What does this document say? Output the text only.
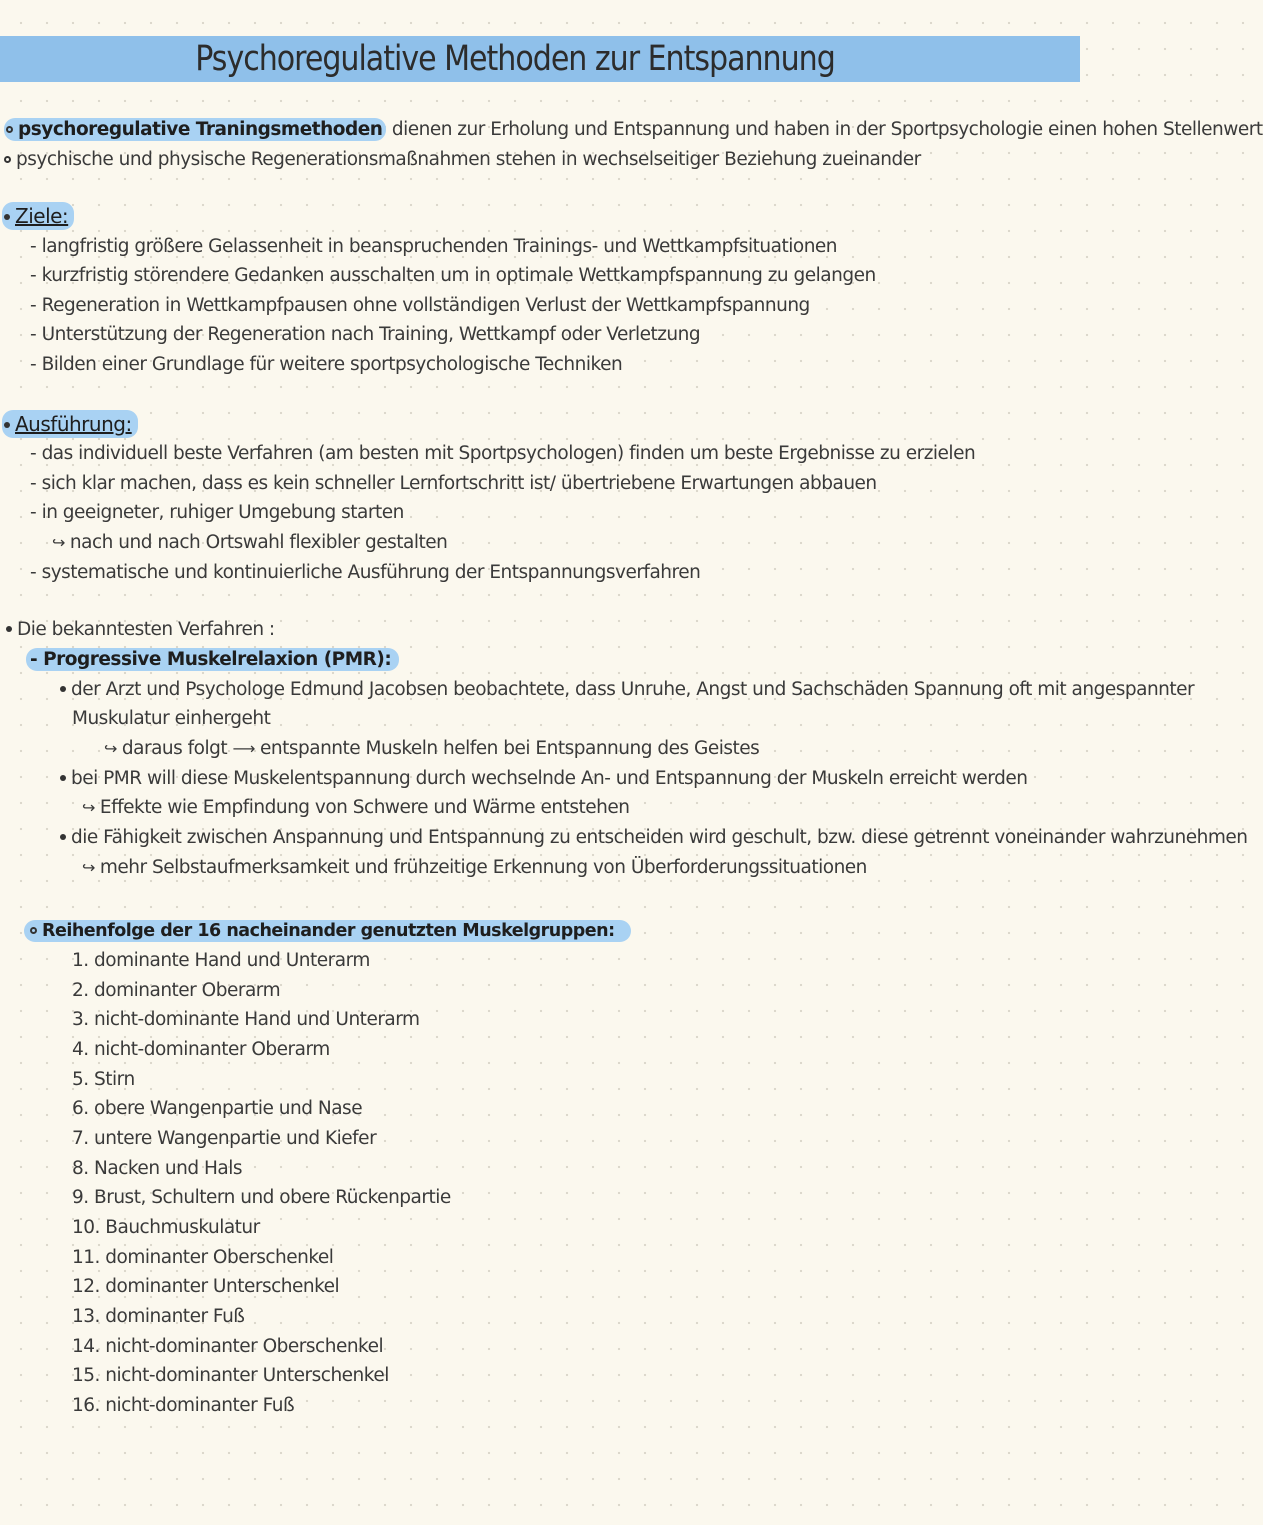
Psychoregulative Methoden zur Entspannung
psychoregulative Traningsmethoden dienen zur Erholung und Entspannung und haben in der Sportpsychologie einen hohen Stellenwert
psychische und physische Regenerationsmaßnahmen stehen in wechselseitiger Beziehung zueinander
Ziele:
- langfristig größere Gelassenheit in beanspruchenden Trainings- und Wettkampfsituationen
- kurzfristig störendere Gedanken ausschalten um in optimale Wettkampfspannung zu gelangen
- Regeneration in Wettkampfpausen ohne vollständigen Verlust der Wettkampfspannung
- Unterstützung der Regeneration nach Training, Wettkampf oder Verletzung
- Bilden einer Grundlage für weitere sportpsychologische Techniken
Ausführung:
- das individuell beste Verfahren (am besten mit Sportpsychologen) finden um beste Ergebnisse zu erzielen
- sich klar machen, dass es kein schneller Lernfortschritt ist/ übertriebene Erwartungen abbauen
- in geeigneter, ruhiger Umgebung starten
↪ nach und nach Ortswahl flexibler gestalten
- systematische und kontinuierliche Ausführung der Entspannungsverfahren
Die bekanntesten Verfahren :
- Progressive Muskelrelaxion (PMR):
der Arzt und Psychologe Edmund Jacobsen beobachtete, dass Unruhe, Angst und Sachschäden Spannung oft mit angespannter
Muskulatur einhergeht
↪ daraus folgt ⟶ entspannte Muskeln helfen bei Entspannung des Geistes
bei PMR will diese Muskelentspannung durch wechselnde An- und Entspannung der Muskeln erreicht werden
↪ Effekte wie Empfindung von Schwere und Wärme entstehen
die Fähigkeit zwischen Anspannung und Entspannung zu entscheiden wird geschult, bzw. diese getrennt voneinander wahrzunehmen
↪ mehr Selbstaufmerksamkeit und frühzeitige Erkennung von Überforderungssituationen
Reihenfolge der 16 nacheinander genutzten Muskelgruppen:
1. dominante Hand und Unterarm
2. dominanter Oberarm
3. nicht-dominante Hand und Unterarm
4. nicht-dominanter Oberarm
5. Stirn
6. obere Wangenpartie und Nase
7. untere Wangenpartie und Kiefer
8. Nacken und Hals
9. Brust, Schultern und obere Rückenpartie
10. Bauchmuskulatur
11. dominanter Oberschenkel
12. dominanter Unterschenkel
13. dominanter Fuß
14. nicht-dominanter Oberschenkel
15. nicht-dominanter Unterschenkel
16. nicht-dominanter Fuß
